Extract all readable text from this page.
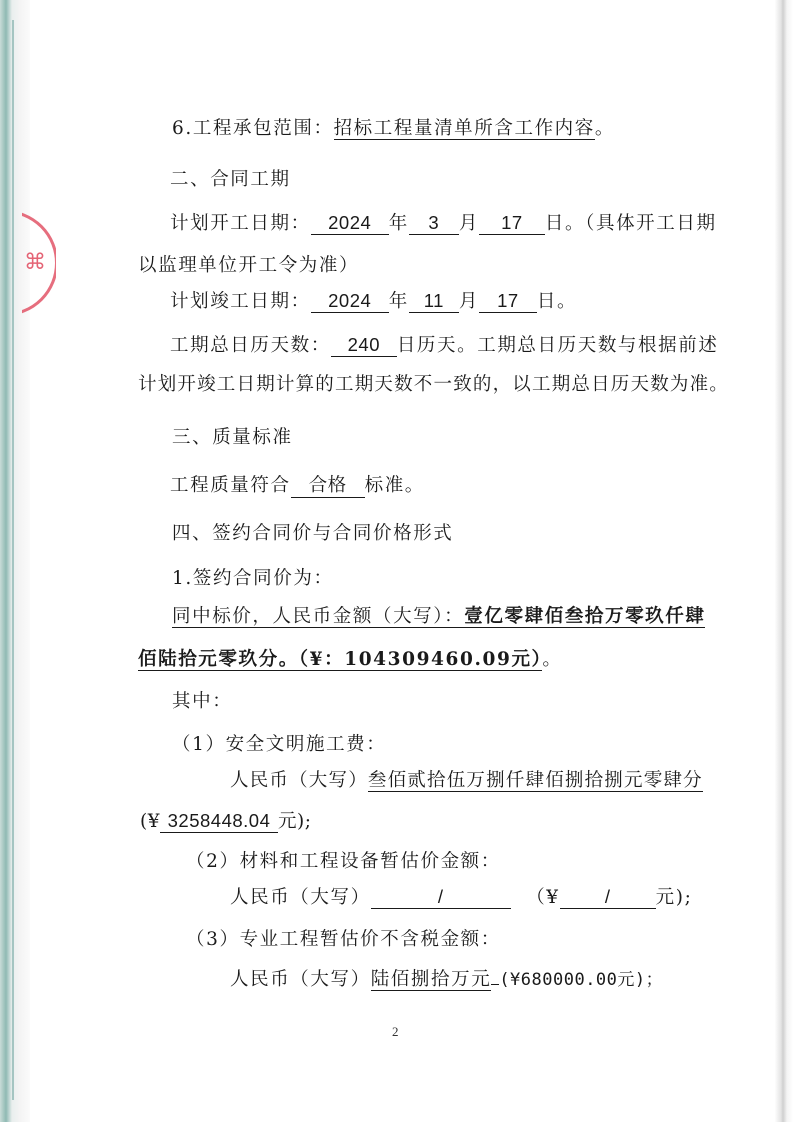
⌘
6.工程承包范围：招标工程量清单所含工作内容。
二、合同工期
计划开工日期： 2024 年 3 月 17 日。（具体开工日期
以监理单位开工令为准）
计划竣工日期： 2024 年 11 月 17 日。
工期总日历天数： 240 日历天。工期总日历天数与根据前述
计划开竣工日期计算的工期天数不一致的，以工期总日历天数为准。
三、质量标准
工程质量符合 合格 标准。
四、签约合同价与合同价格形式
1.签约合同价为：
同中标价，人民币金额（大写）：壹亿零肆佰叁拾万零玖仟肆
佰陆拾元零玖分。（¥：104309460.09元）。
其中：
（1）安全文明施工费：
人民币（大写）叁佰贰拾伍万捌仟肆佰捌拾捌元零肆分
(¥ 3258448.04 元);
（2）材料和工程设备暂估价金额：
人民币（大写）	/	（¥ / 元);
（3）专业工程暂估价不含税金额：
人民币（大写）陆佰捌拾万元 (¥680000.00元)；
2
